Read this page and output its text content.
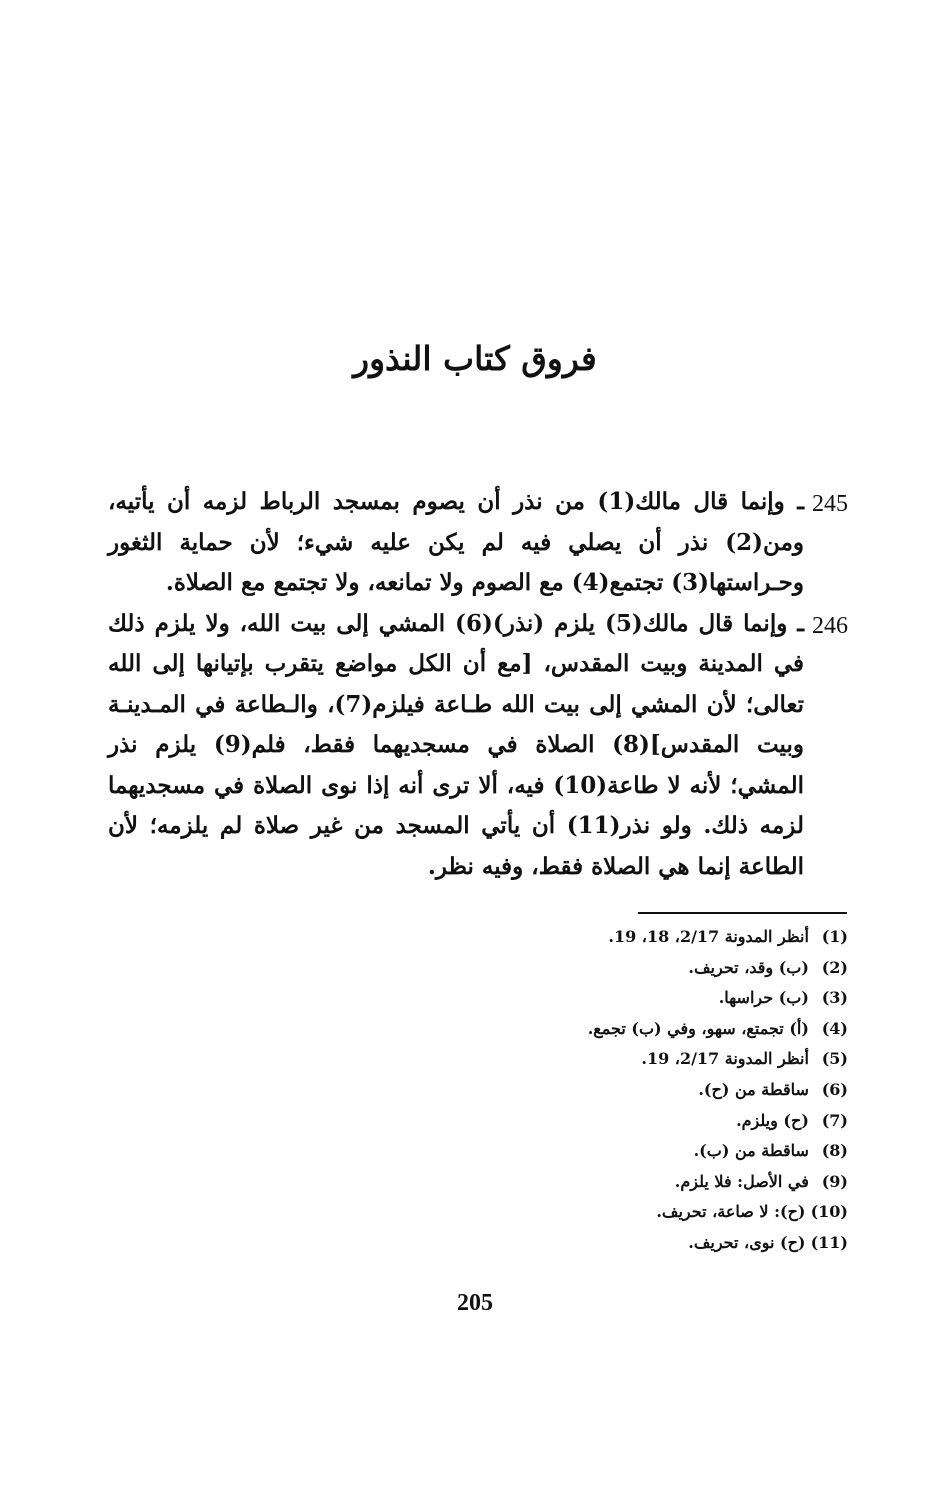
فروق كتاب النذور

245
ـ وإنما قال مالك(1) من نذر أن يصوم بمسجد الرباط لزمه أن يأتيه، ومن(2) نذر أن يصلي فيه لم يكن عليه شيء؛ لأن حماية الثغور وحـراستها(3) تجتمع(4) مع الصوم ولا تمانعه، ولا تجتمع مع الصلاة.

246
ـ وإنما قال مالك(5) يلزم (نذر)(6) المشي إلى بيت الله، ولا يلزم ذلك في المدينة وبيت المقدس، [مع أن الكل مواضع يتقرب بإتيانها إلى الله تعالى؛ لأن المشي إلى بيت الله طـاعة فيلزم(7)، والـطاعة في المـدينـة وبيت المقدس](8) الصلاة في مسجديهما فقط، فلم(9) يلزم نذر المشي؛ لأنه لا طاعة(10) فيه، ألا ترى أنه إذا نوى الصلاة في مسجديهما لزمه ذلك. ولو نذر(11) أن يأتي المسجد من غير صلاة لم يلزمه؛ لأن الطاعة إنما هي الصلاة فقط، وفيه نظر.

(1) أنظر المدونة 2/17، 18، 19.

(2) (ب) وقد، تحريف.

(3) (ب) حراسها.

(4) (أ) تجمتع، سهو، وفي (ب) تجمع.

(5) أنظر المدونة 2/17، 19.

(6) ساقطة من (ح).

(7) (ح) ويلزم.

(8) ساقطة من (ب).

(9) في الأصل: فلا يلزم.

(10) (ح): لا صاعة، تحريف.

(11) (ح) نوى، تحريف.

205
